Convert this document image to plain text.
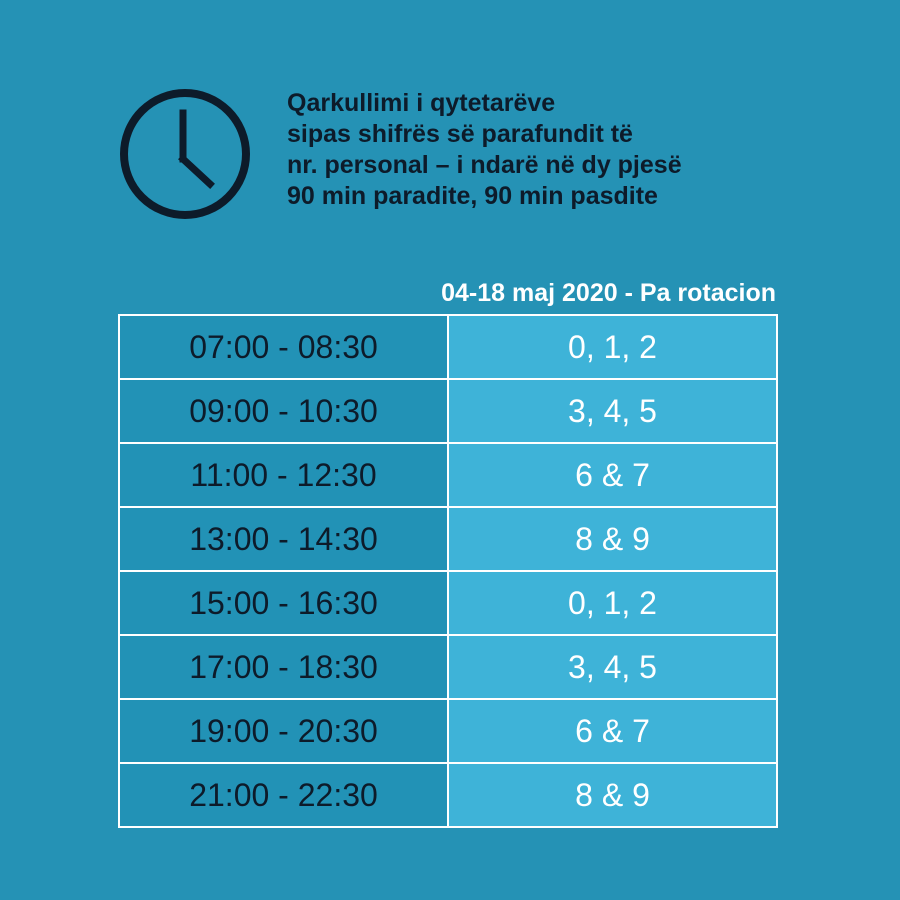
Qarkullimi i qytetarëve
sipas shifrës së parafundit të
nr. personal – i ndarë në dy pjesë
90 min paradite, 90 min pasdite
04-18 maj 2020 - Pa rotacion
07:00 - 08:30	0, 1, 2
09:00 - 10:30	3, 4, 5
11:00 - 12:30	6 & 7
13:00 - 14:30	8 & 9
15:00 - 16:30	0, 1, 2
17:00 - 18:30	3, 4, 5
19:00 - 20:30	6 & 7
21:00 - 22:30	8 & 9
